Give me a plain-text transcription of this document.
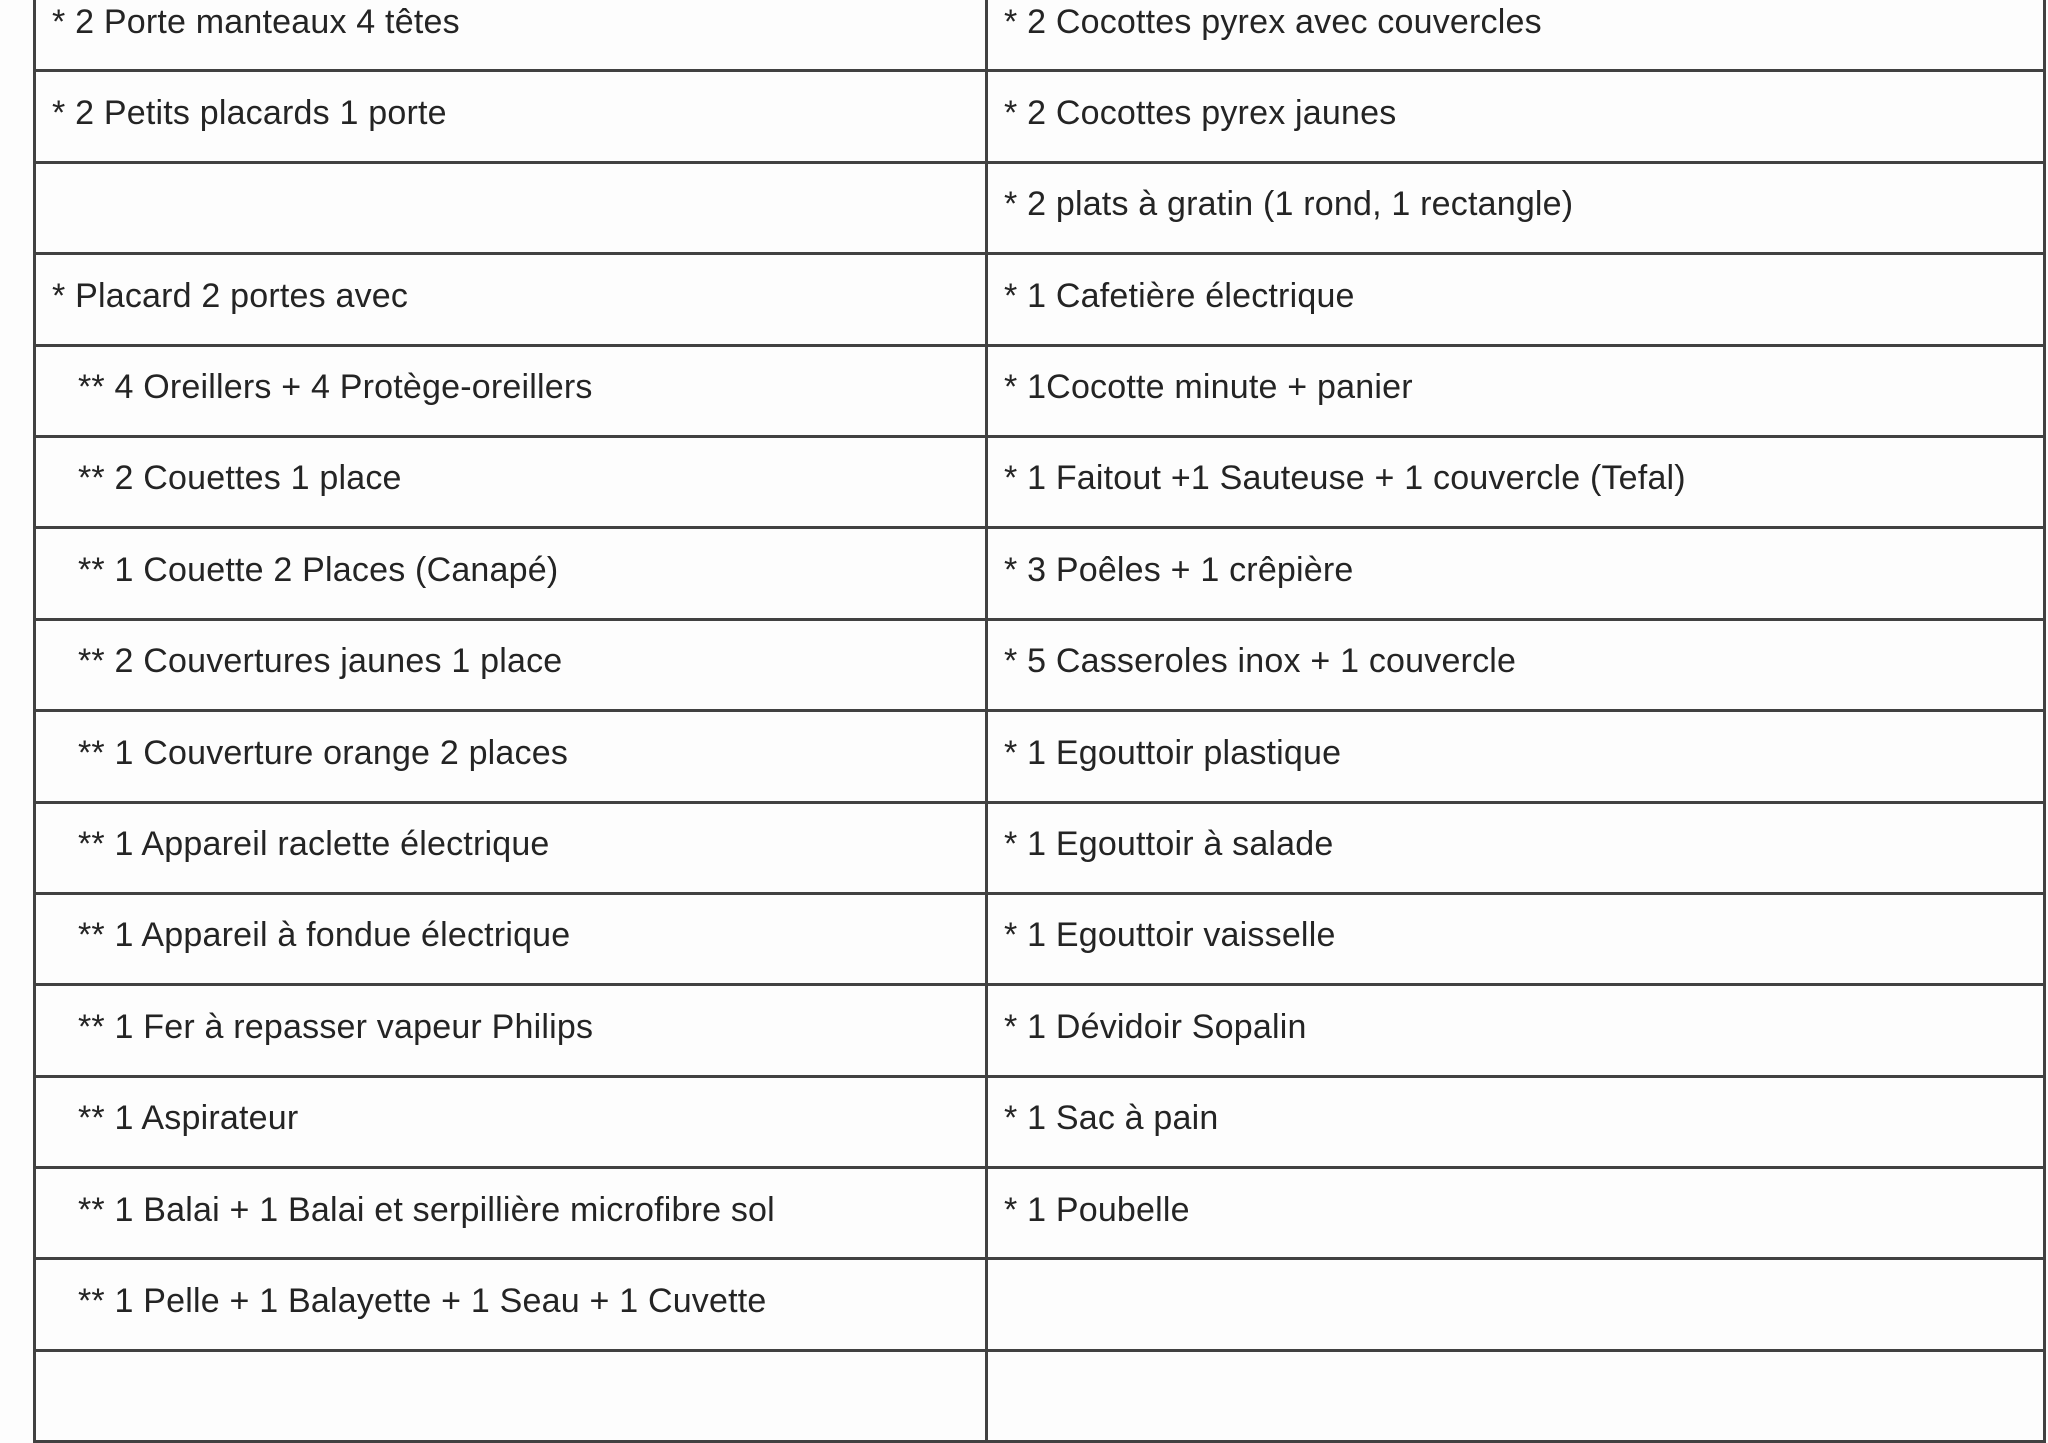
* 2 Porte manteaux 4 têtes	* 2 Cocottes pyrex avec couvercles
* 2 Petits placards 1 porte	* 2 Cocottes pyrex jaunes
	* 2 plats à gratin (1 rond, 1 rectangle)
* Placard 2 portes avec	* 1 Cafetière électrique
** 4 Oreillers + 4 Protège-oreillers	* 1Cocotte minute + panier
** 2 Couettes 1 place	* 1 Faitout +1 Sauteuse + 1 couvercle (Tefal)
** 1 Couette 2 Places (Canapé)	* 3 Poêles + 1 crêpière
** 2 Couvertures jaunes 1 place	* 5 Casseroles inox + 1 couvercle
** 1 Couverture orange 2 places	* 1 Egouttoir plastique
** 1 Appareil raclette électrique	* 1 Egouttoir à salade
** 1 Appareil à fondue électrique	* 1 Egouttoir vaisselle
** 1 Fer à repasser vapeur Philips	* 1 Dévidoir Sopalin
** 1 Aspirateur	* 1 Sac à pain
** 1 Balai + 1 Balai et serpillière microfibre sol	* 1 Poubelle
** 1 Pelle + 1 Balayette + 1 Seau + 1 Cuvette	
